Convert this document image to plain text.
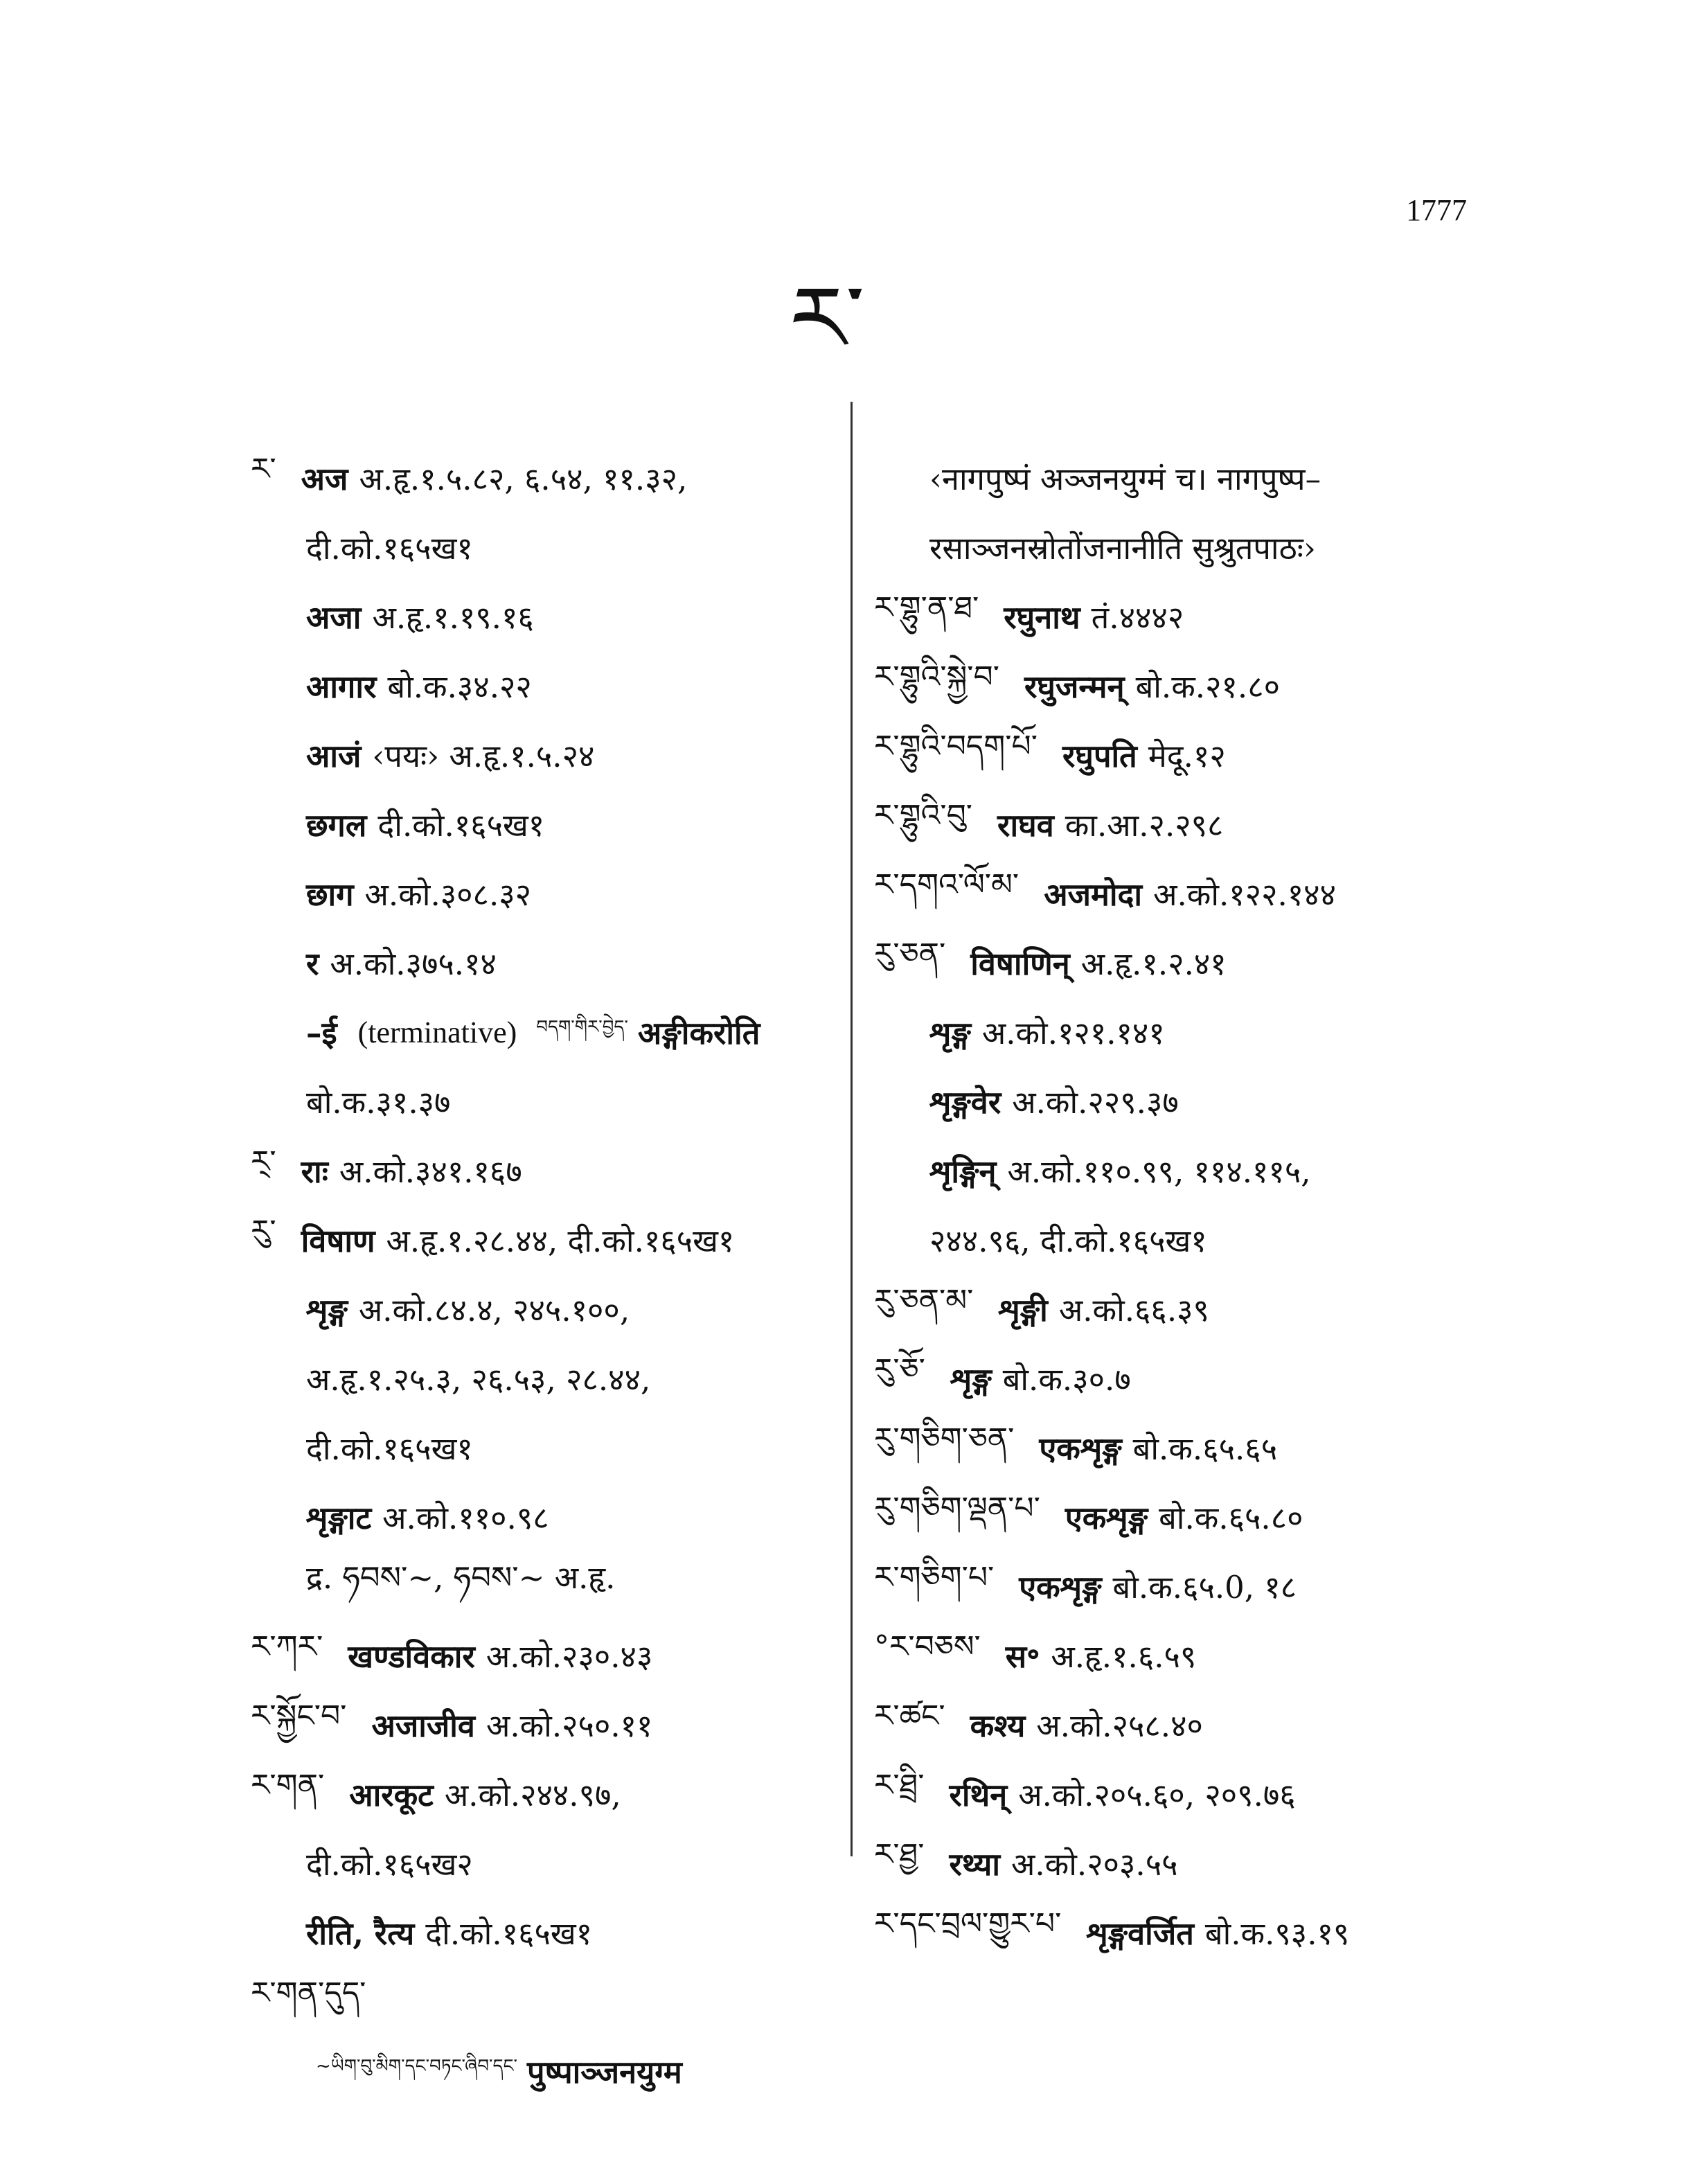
1777
ར་
ར་ अज अ.हृ.१.५.८२, ६.५४, ११.३२,
दी.को.१६५ख१
अजा अ.हृ.१.१९.१६
आगार बो.क.३४.२२
आजं ‹पयः› अ.हृ.१.५.२४
छगल दी.को.१६५ख१
छाग अ.को.३०८.३२
र अ.को.३७५.१४
–ई (terminative) བདག་གིར་བྱེད་ अङ्गीकरोति
बो.क.३१.३७
ར྄་ राः अ.को.३४१.१६७
རུ་ विषाण अ.हृ.१.२८.४४, दी.को.१६५ख१
शृङ्ग अ.को.८४.४, २४५.१००,
अ.हृ.१.२५.३, २६.५३, २८.४४,
दी.को.१६५ख१
शृङ्गाट अ.को.११०.९८
द्र. ཧབས་~, ཧབས་~ अ.हृ.
ར་ཀར་ खण्डविकार अ.को.२३०.४३
ར་སྐྱོང་བ་ अजाजीव अ.को.२५०.११
ར་གན་ आरकूट अ.को.२४४.९७,
दी.को.१६५ख२
रीति, रैत्य दी.को.१६५ख१
ར་གན་དུད་
~ཡིག་བུ་མིག་དང་བཏང་ཞིབ་དང་ पुष्पाञ्जनयुग्म
‹नागपुष्पं अञ्जनयुग्मं च। नागपुष्प–
रसाञ्जनस्रोतोंजनानीति सुश्रुतपाठः›
ར་གྷུ་ན་ཐ་ रघुनाथ तं.४४४२
ར་གྷུའི་སྐྱེ་བ་ रघुजन्मन् बो.क.२१.८०
ར་གྷུའི་བདག་པོ་ रघुपति मेदू.१२
ར་གྷུའི་བུ་ राघव का.आ.२.२९८
ར་དགའ་ལོ་མ་ अजमोदा अ.को.१२२.१४४
རུ་ཅན་ विषाणिन् अ.हृ.१.२.४१
शृङ्ग अ.को.१२१.१४१
शृङ्गवेर अ.को.२२९.३७
शृङ्गिन् अ.को.११०.९९, ११४.११५,
२४४.९६, दी.को.१६५ख१
རུ་ཅན་མ་ शृङ्गी अ.को.६६.३९
རུ་ཅོ་ शृङ्ग बो.क.३०.७
རུ་གཅིག་ཅན་ एकशृङ्ग बो.क.६५.६५
རུ་གཅིག་ལྡན་པ་ एकशृङ्ग बो.क.६५.८०
ར་གཅིག་པ་ एकशृङ्ग बो.क.६५.0, १८
°ར་བཅས་ स॰ अ.हृ.१.६.५९
ར་ཚང་ कश्य अ.को.२५८.४०
ར་ཐྲི་ रथिन् अ.को.२०५.६०, २०९.७६
ར་ཐྱ་ रथ्या अ.को.२०३.५५
ར་དང་བྲལ་གྱུར་པ་ शृङ्गवर्जित बो.क.९३.१९
